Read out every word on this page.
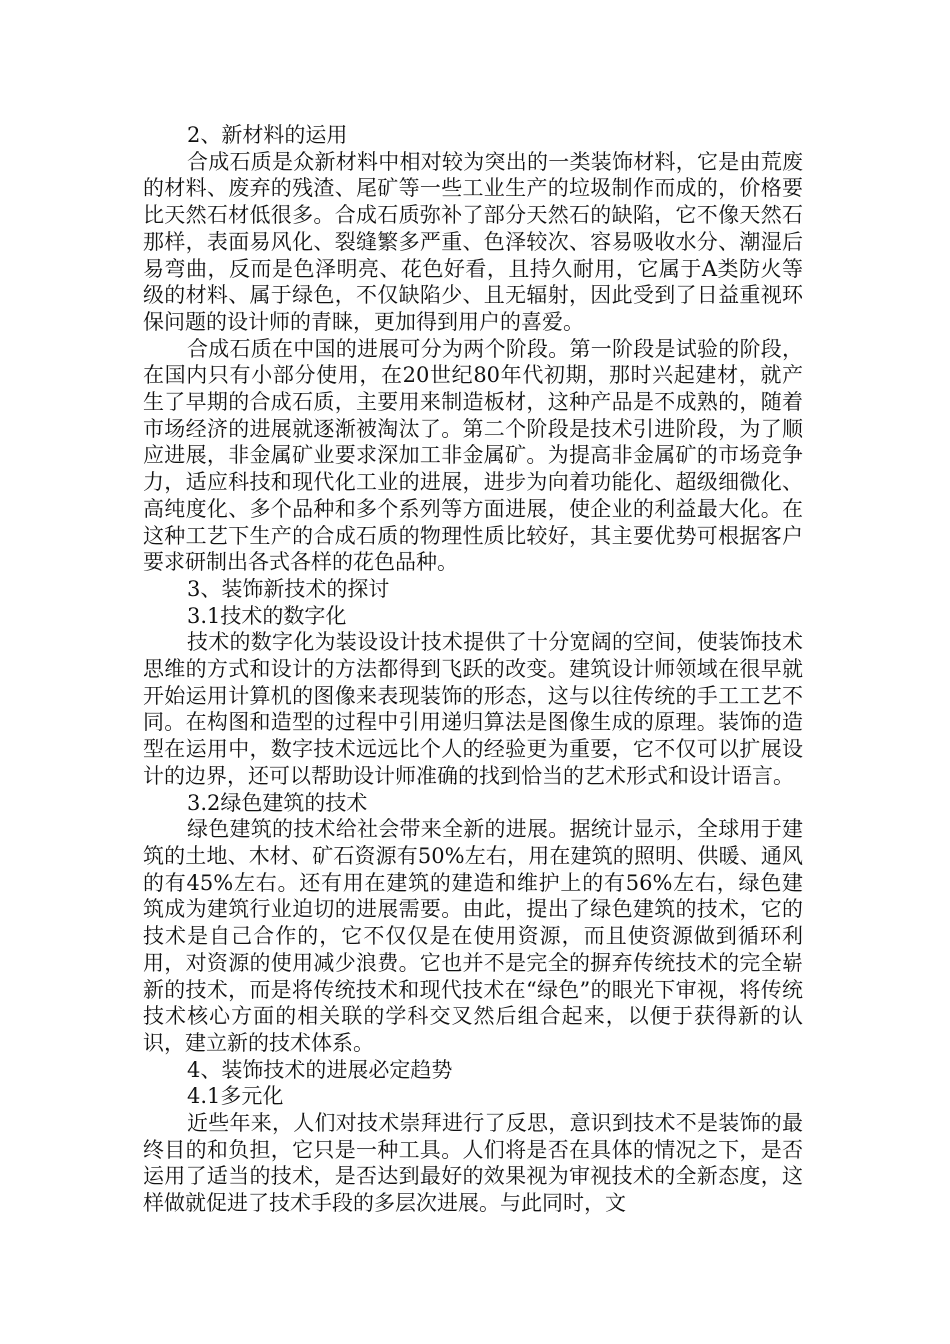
2、新材料的运用

合成石质是众新材料中相对较为突出的一类装饰材料，它是由荒废的材料、废弃的残渣、尾矿等一些工业生产的垃圾制作而成的，价格要比天然石材低很多。合成石质弥补了部分天然石的缺陷，它不像天然石那样，表面易风化、裂缝繁多严重、色泽较次、容易吸收水分、潮湿后易弯曲，反而是色泽明亮、花色好看，且持久耐用，它属于A类防火等级的材料、属于绿色，不仅缺陷少、且无辐射，因此受到了日益重视环保问题的设计师的青睐，更加得到用户的喜爱。

合成石质在中国的进展可分为两个阶段。第一阶段是试验的阶段，在国内只有小部分使用，在20世纪80年代初期，那时兴起建材，就产生了早期的合成石质，主要用来制造板材，这种产品是不成熟的，随着市场经济的进展就逐渐被淘汰了。第二个阶段是技术引进阶段，为了顺应进展，非金属矿业要求深加工非金属矿。为提高非金属矿的市场竞争力，适应科技和现代化工业的进展，进步为向着功能化、超级细微化、高纯度化、多个品种和多个系列等方面进展，使企业的利益最大化。在这种工艺下生产的合成石质的物理性质比较好，其主要优势可根据客户要求研制出各式各样的花色品种。

3、装饰新技术的探讨

3.1技术的数字化

技术的数字化为装设设计技术提供了十分宽阔的空间，使装饰技术思维的方式和设计的方法都得到飞跃的改变。建筑设计师领域在很早就开始运用计算机的图像来表现装饰的形态，这与以往传统的手工工艺不同。在构图和造型的过程中引用递归算法是图像生成的原理。装饰的造型在运用中，数字技术远远比个人的经验更为重要，它不仅可以扩展设计的边界，还可以帮助设计师准确的找到恰当的艺术形式和设计语言。

3.2绿色建筑的技术

绿色建筑的技术给社会带来全新的进展。据统计显示，全球用于建筑的土地、木材、矿石资源有50%左右，用在建筑的照明、供暖、通风的有45%左右。还有用在建筑的建造和维护上的有56%左右，绿色建筑成为建筑行业迫切的进展需要。由此，提出了绿色建筑的技术，它的技术是自己合作的，它不仅仅是在使用资源，而且使资源做到循环利用，对资源的使用减少浪费。它也并不是完全的摒弃传统技术的完全崭新的技术，而是将传统技术和现代技术在“绿色”的眼光下审视，将传统技术核心方面的相关联的学科交叉然后组合起来，以便于获得新的认识，建立新的技术体系。

4、装饰技术的进展必定趋势

4.1多元化

近些年来，人们对技术崇拜进行了反思，意识到技术不是装饰的最终目的和负担，它只是一种工具。人们将是否在具体的情况之下，是否运用了适当的技术，是否达到最好的效果视为审视技术的全新态度，这样做就促进了技术手段的多层次进展。与此同时，文
